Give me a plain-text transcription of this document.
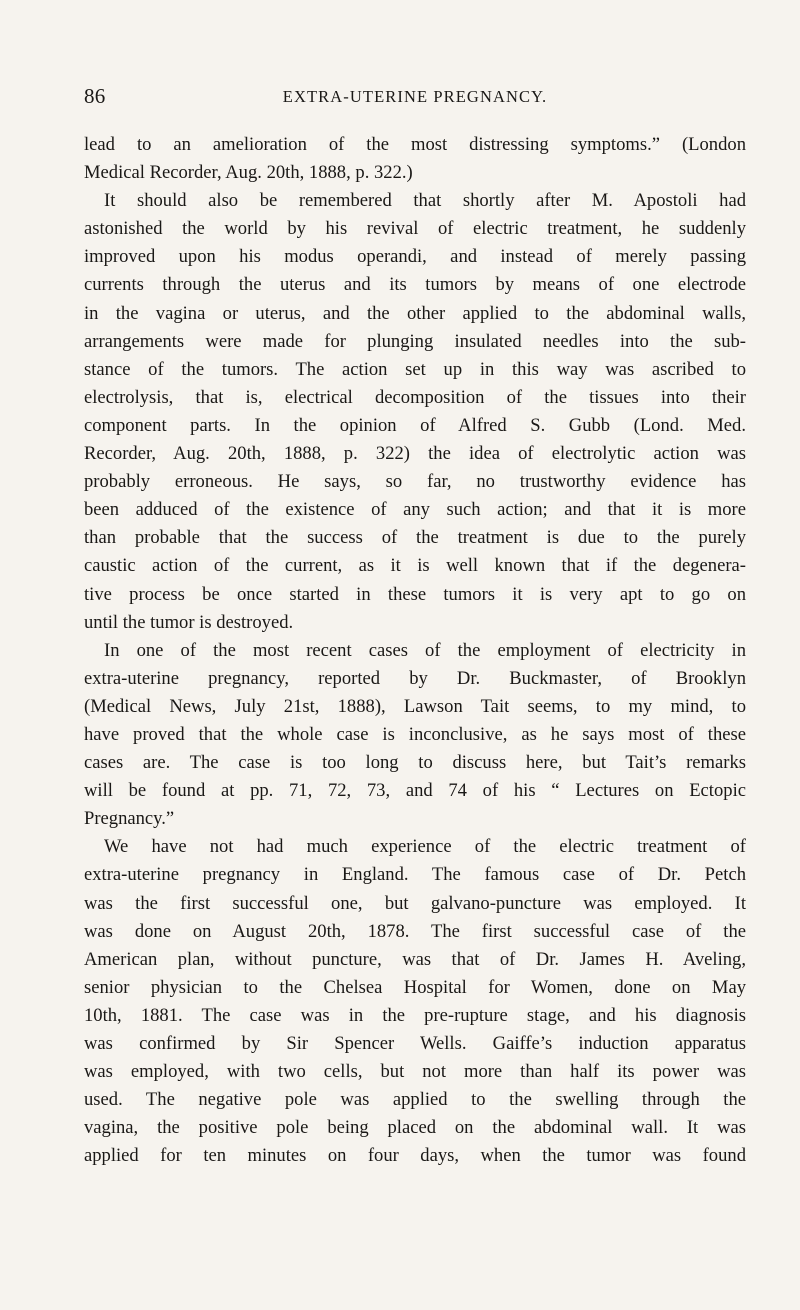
86	EXTRA-UTERINE PREGNANCY.
lead to an amelioration of the most distressing symptoms.” (London
Medical Recorder, Aug. 20th, 1888, p. 322.)
It should also be remembered that shortly after M. Apostoli had
astonished the world by his revival of electric treatment, he suddenly
improved upon his modus operandi, and instead of merely passing
currents through the uterus and its tumors by means of one electrode
in the vagina or uterus, and the other applied to the abdominal walls,
arrangements were made for plunging insulated needles into the sub-
stance of the tumors. The action set up in this way was ascribed to
electrolysis, that is, electrical decomposition of the tissues into their
component parts. In the opinion of Alfred S. Gubb (Lond. Med.
Recorder, Aug. 20th, 1888, p. 322) the idea of electrolytic action was
probably erroneous. He says, so far, no trustworthy evidence has
been adduced of the existence of any such action; and that it is more
than probable that the success of the treatment is due to the purely
caustic action of the current, as it is well known that if the degenera-
tive process be once started in these tumors it is very apt to go on
until the tumor is destroyed.
In one of the most recent cases of the employment of electricity in
extra-uterine pregnancy, reported by Dr. Buckmaster, of Brooklyn
(Medical News, July 21st, 1888), Lawson Tait seems, to my mind, to
have proved that the whole case is inconclusive, as he says most of these
cases are. The case is too long to discuss here, but Tait’s remarks
will be found at pp. 71, 72, 73, and 74 of his “ Lectures on Ectopic
Pregnancy.”
We have not had much experience of the electric treatment of
extra-uterine pregnancy in England. The famous case of Dr. Petch
was the first successful one, but galvano-puncture was employed. It
was done on August 20th, 1878. The first successful case of the
American plan, without puncture, was that of Dr. James H. Aveling,
senior physician to the Chelsea Hospital for Women, done on May
10th, 1881. The case was in the pre-rupture stage, and his diagnosis
was confirmed by Sir Spencer Wells. Gaiffe’s induction apparatus
was employed, with two cells, but not more than half its power was
used. The negative pole was applied to the swelling through the
vagina, the positive pole being placed on the abdominal wall. It was
applied for ten minutes on four days, when the tumor was found
